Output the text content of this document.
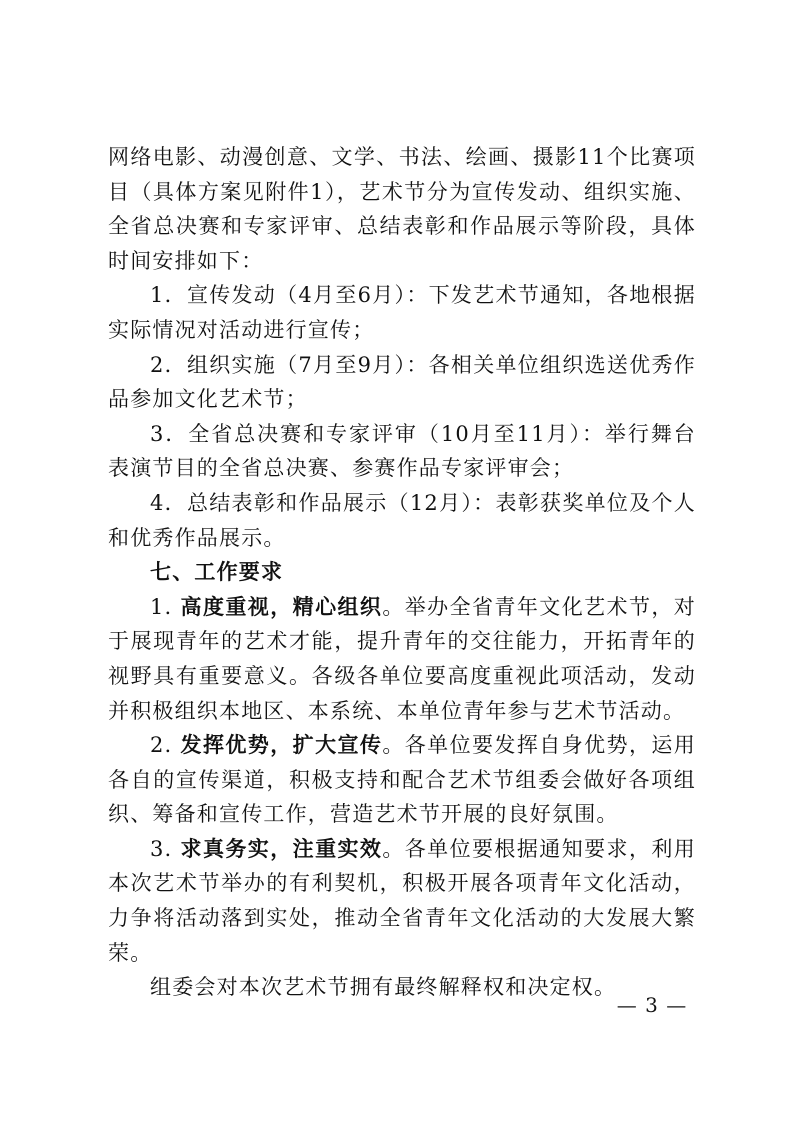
网络电影、动漫创意、文学、书法、绘画、摄影11个比赛项目（具体方案见附件1），艺术节分为宣传发动、组织实施、全省总决赛和专家评审、总结表彰和作品展示等阶段，具体时间安排如下：

1．宣传发动（4月至6月）：下发艺术节通知，各地根据实际情况对活动进行宣传；

2．组织实施（7月至9月）：各相关单位组织选送优秀作品参加文化艺术节；

3．全省总决赛和专家评审（10月至11月）：举行舞台表演节目的全省总决赛、参赛作品专家评审会；

4．总结表彰和作品展示（12月）：表彰获奖单位及个人和优秀作品展示。

七、工作要求

1. 高度重视，精心组织。举办全省青年文化艺术节，对于展现青年的艺术才能，提升青年的交往能力，开拓青年的视野具有重要意义。各级各单位要高度重视此项活动，发动并积极组织本地区、本系统、本单位青年参与艺术节活动。

2. 发挥优势，扩大宣传。各单位要发挥自身优势，运用各自的宣传渠道，积极支持和配合艺术节组委会做好各项组织、筹备和宣传工作，营造艺术节开展的良好氛围。

3. 求真务实，注重实效。各单位要根据通知要求，利用本次艺术节举办的有利契机，积极开展各项青年文化活动，力争将活动落到实处，推动全省青年文化活动的大发展大繁荣。

组委会对本次艺术节拥有最终解释权和决定权。

— 3 —
